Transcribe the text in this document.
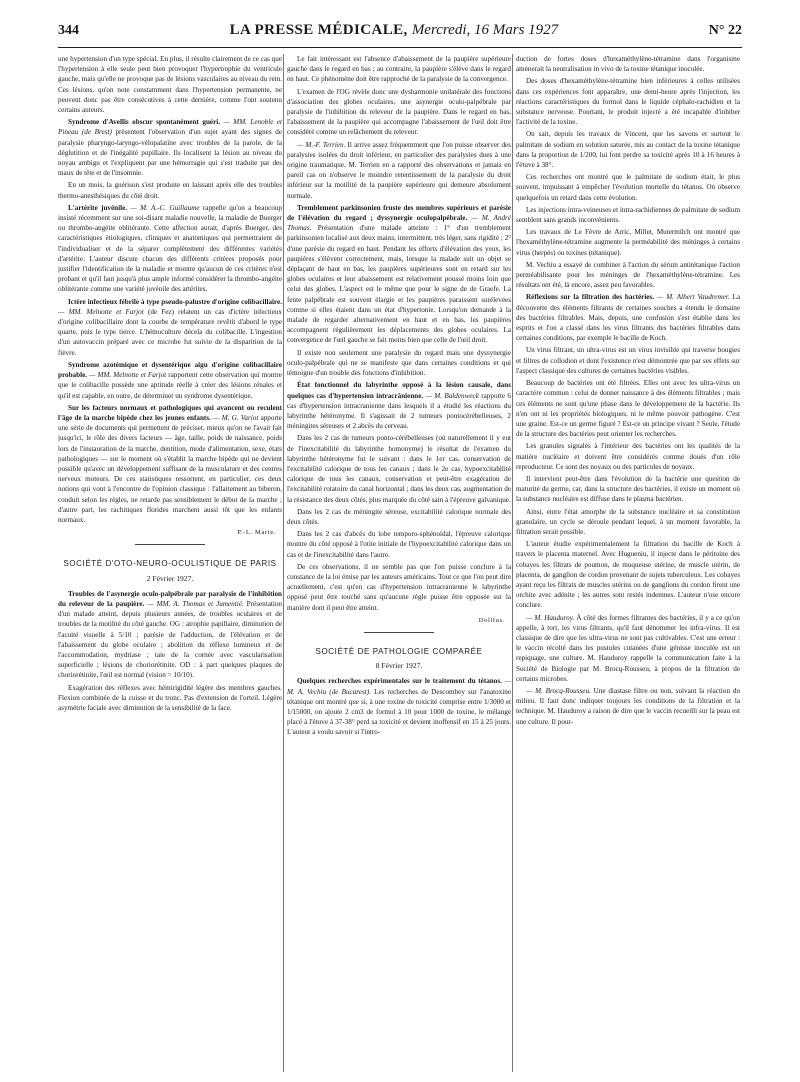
344	LA PRESSE MÉDICALE, Mercredi, 16 Mars 1927	N° 22

une hypertension d'un type spécial. En plus, il résulte clairement de ce cas que l'hypertension à elle seule peut bien provoquer l'hypertrophie du ventricule gauche, mais qu'elle ne provoque pas de lésions vasculaires au niveau du rein. Ces lésions, qu'on note constamment dans l'hypertension permanente, ne peuvent donc pas être consécutives à cette dernière, comme l'ont soutenu certains auteurs.

Syndrome d'Avellis obscur spontanément guéri. — MM. Lenoble et Pineau (de Brest) présentent l'observation d'un sujet ayant des signes de paralysie pharyngo-laryngo-vélopalatine avec troubles de la parole, de la déglutition et de l'inégalité pupillaire. Ils localisent la lésion au niveau du noyau ambigu et l'expliquent par une hémorragie qui s'est traduite par des maux de tête et de l'insomnie.

En un mois, la guérison s'est produite en laissant après elle des troubles thermo-anesthésiques du côté droit.

L'artérite juvénile. — M. A.-C. Guillaume rappelle qu'on a beaucoup insisté récemment sur une soi-disant maladie nouvelle, la maladie de Buerger ou thrombo-angéite oblitérante. Cette affection aurait, d'après Buerger, des caractéristiques étiologiques, cliniques et anatomiques qui permettraient de l'individualiser et de la séparer complètement des différentes variétés d'artérite. L'auteur discute chacun des différents critères proposés pour justifier l'identification de la maladie et montre qu'aucun de ces critères n'est probant et qu'il faut jusqu'à plus ample informé considérer la thrombo-angéite oblitérante comme une variété juvénile des artérites.

Ictère infectieux fébrile à type pseudo-palustre d'origine colibacillaire. — MM. Melnotte et Farjot (de Fez) relatent un cas d'ictère infectieux d'origine colibacillaire dont la courbe de température revêtit d'abord le type quarte, puis le type tierce. L'hémoculture décela du colibacille. L'ingestion d'un autovaccin préparé avec ce microbe fut suivie de la disparition de la fièvre.

Syndrome azotémique et dysentérique aigu d'origine colibacillaire probable. — MM. Melnotte et Farjot rapportent cette observation qui montre que le colibacille possède une aptitude réelle à créer des lésions rénales et qu'il est capable, en outre, de déterminer un syndrome dysentérique.

Sur les facteurs normaux et pathologiques qui avancent ou reculent l'âge de la marche bipède chez les jeunes enfants. — M. G. Variot apporte une série de documents qui permettent de préciser, mieux qu'on ne l'avait fait jusqu'ici, le rôle des divers facteurs — âge, taille, poids de naissance, poids lors de l'instauration de la marche, dentition, mode d'alimentation, sexe, états pathologiques — sur le moment où s'établit la marche bipède qui ne devient possible qu'avec un développement suffisant de la musculature et des centres nerveux moteurs. De ces statistiques ressortent, en particulier, ces deux notions qui vont à l'encontre de l'opinion classique : l'allaitement au biberon, conduit selon les règles, ne retarde pas sensiblement le début de la marche ; d'autre part, les rachitiques florides marchent aussi tôt que les enfants normaux.

P.-L. Marie.
SOCIÉTÉ D'OTO-NEURO-OCULISTIQUE DE PARIS
2 Février 1927.

Troubles de l'asynergie oculo-palpébrale par paralysie de l'inhibition du releveur de la paupière. — MM. A. Thomas et Jumentié. Présentation d'un malade atteint, depuis plusieurs années, de troubles oculaires et de troubles de la motilité du côté gauche. OG : atrophie papillaire, diminution de l'acuité visuelle à 5/10 ; parésie de l'adduction, de l'élévation et de l'abaissement du globe oculaire ; abolition du réflexe lumineux et de l'accommodation, mydriase ; taie de la cornée avec vascularisation superficielle ; lésions de choriorétinite. OD : à part quelques plaques de choriorétinite, l'œil est normal (vision = 10/10).

Exagération des réflexes avec hémirigidité légère des membres gauches. Flexion combinée de la cuisse et du tronc. Pas d'extension de l'orteil. Légère asymétrie faciale avec diminution de la sensibilité de la face.

Le fait intéressant est l'absence d'abaissement de la paupière supérieure gauche dans le regard en bas ; au contraire, la paupière s'élève dans le regard en haut. Ce phénomène doit être rapproché de la paralysie de la convergence.

L'examen de l'OG révèle donc une dysharmonie unilatérale des fonctions d'association des globes oculaires, une asynergie oculo-palpébrale par paralysie de l'inhibition du releveur de la paupière. Dans le regard en bas, l'abaissement de la paupière qui accompagne l'abaissement de l'œil doit être considéré comme un relâchement du releveur.

— M.-F. Terrien. Il arrive assez fréquemment que l'on puisse observer des paralysies isolées du droit inférieur, en particulier des paralysies dues à une origine traumatique. M. Terrien en a rapporté des observations et jamais en pareil cas on n'observe le moindre retentissement de la paralysie du droit inférieur sur la motilité de la paupière supérieure qui demeure absolument normale.

Tremblement parkinsonien fruste des membres supérieurs et parésie de l'élévation du regard ; dyssynergie oculopalpébrale. — M. André Thomas. Présentation d'une malade atteinte : 1° d'un tremblement parkinsonien localisé aux deux mains, intermittent, très léger, sans rigidité ; 2° d'une parésie du regard en haut. Pendant les efforts d'élévation des yeux, les paupières s'élèvent correctement, mais, lorsque la malade suit un objet se déplaçant de haut en bas, les paupières supérieures sont en retard sur les globes oculaires et leur abaissement est relativement poussé moins loin que celui des globes. L'aspect est le même que pour le signe de de Graefe. La fente palpébrale est souvent élargie et les paupières paraissent surélevées comme si elles étaient dans un état d'hypertonie. Lorsqu'on demande à la malade de regarder alternativement en haut et en bas, les paupières accompagnent régulièrement les déplacements des globes oculaires. La convergence de l'œil gauche se fait moins bien que celle de l'œil droit.

Il existe non seulement une paralysie du regard mais une dyssynergie oculo-palpébrale qui ne se manifeste que dans certaines conditions et qui témoigne d'un trouble des fonctions d'inhibition.

État fonctionnel du labyrinthe opposé à la lésion causale, dans quelques cas d'hypertension intracrânienne. — M. Baldenweck rapporte 6 cas d'hypertension intracranienne dans lesquels il a étudié les réactions du labyrinthe hétéronyme. Il s'agissait de 2 tumeurs pontocérébelleuses, 2 méningites séreuses et 2 abcès du cerveau.

Dans les 2 cas de tumeurs ponto-cérébelleuses (où naturellement il y eut de l'inexcitabilité du labyrinthe homonyme) le résultat de l'examen du labyrinthe hétéronyme fut le suivant : dans le 1er cas, conservation de l'excitabilité calorique de tous les canaux ; dans le 2e cas, hypoexcitabilité calorique de tous les canaux, conservation et peut-être exagération de l'excitabilité rotatoire du canal horizontal ; dans les deux cas, augmentation de la résistance des deux côtés, plus marquée du côté sain à l'épreuve galvanique.

Dans les 2 cas de méningite séreuse, excitabilité calorique normale des deux côtés.

Dans les 2 cas d'abcès du lobe temporo-sphénoïdal, l'épreuve calorique montre du côté opposé à l'otite initiale de l'hypoexcitabilité calorique dans un cas et de l'inexcitabilité dans l'autre.

De ces observations, il ne semble pas que l'on puisse conclure à la constance de la loi émise par les auteurs américains. Tout ce que l'on peut dire actuellement, c'est qu'en cas d'hypertension intracranienne le labyrinthe opposé peut être touché sans qu'aucune règle puisse être opposée sur la manière dont il peut être atteint.

Dollfus.
SOCIÉTÉ DE PATHOLOGIE COMPARÉE
8 Février 1927.

Quelques recherches expérimentales sur le traitement du tétanos. — M. A. Vechiu (de Bucarest). Les recherches de Descombey sur l'anatoxine tétanique ont montré que si, à une toxine de toxicité comprise entre 1/3000 et 1/15000, on ajoute 2 cm3 de formol à 10 pour 1000 de toxine, le mélange placé à l'étuve à 37-38° perd sa toxicité et devient inoffensif en 15 à 25 jours. L'auteur a voulu savoir si l'intro-

duction de fortes doses d'hexaméthylène-tétramine dans l'organisme amènerait la neutralisation in vivo de la toxine tétanique inoculée.

Des doses d'hexaméthylène-tétramine bien inférieures à celles utilisées dans ces expériences font apparaître, une demi-heure après l'injection, les réactions caractéristiques du formol dans le liquide céphalo-rachidien et la substance nerveuse. Pourtant, le produit injecté a été incapable d'inhiber l'activité de la toxine.

On sait, depuis les travaux de Vincent, que les savons et surtout le palmitate de sodium en solution saturée, mis au contact de la toxine tétanique dans la proportion de 1/200, lui font perdre sa toxicité après 10 à 16 heures à l'étuve à 38°.

Ces recherches ont montré que le palmitate de sodium était, le plus souvent, impuissant à empêcher l'évolution mortelle du tétanos. On observe quelquefois un retard dans cette évolution.

Les injections intra-veineuses et intra-rachidiennes de palmitate de sodium semblent sans grands inconvénients.

Les travaux de Le Fèvre de Arric, Millet, Mutermilch ont montré que l'hexaméthylène-tétramine augmente la perméabilité des méninges à certains virus (herpès) ou toxines (tétanique).

M. Vechiu a essayé de combiner à l'action du sérum antitétanique l'action perméabilisante pour les méninges de l'hexaméthylène-tétramine. Les résultats ont été, là encore, assez peu favorables.

Réflexions sur la filtration des bactéries. — M. Albert Vaudremer. La découverte des éléments filtrants de certaines souches a étendu le domaine des bactéries filtrables. Mais, depuis, une confusion s'est établie dans les esprits et l'on a classé dans les virus filtrants des bactéries filtrables dans certaines conditions, par exemple le bacille de Koch.

Un virus filtrant, un ultra-virus est un virus invisible qui traverse bougies et filtres de collodion et dont l'existence n'est démontrée que par ses effets sur l'aspect classique des cultures de certaines bactéries visibles.

Beaucoup de bactéries ont été filtrées. Elles ont avec les ultra-virus un caractère commun : celui de donner naissance à des éléments filtrables ; mais ces éléments ne sont qu'une phase dans le développement de la bactérie. Ils n'en ont ni les propriétés biologiques, ni le même pouvoir pathogène. C'est une graine. Est-ce un germe figuré ? Est-ce un principe vivant ? Seule, l'étude de la structure des bactéries peut orienter les recherches.

Les granules signalés à l'intérieur des bactéries ont les qualités de la matière nucléaire et doivent être considérés comme doués d'un rôle reproducteur. Ce sont des noyaux ou des particules de noyaux.

Il intervient peut-être dans l'évolution de la bactérie une question de maturité du germe, car, dans la structure des bactéries, il existe un moment où la substance nucléaire est diffuse dans le plasma bactérien.

Ainsi, entre l'état amorphe de la substance nucléaire et sa constitution granulaire, un cycle se déroule pendant lequel, à un moment favorable, la filtration serait possible.

L'auteur étudie expérimentalement la filtration du bacille de Koch à travers le placenta maternel. Avec Hugueniu, il injecte dans le péritoine des cobayes les filtrats de poumon, de muqueuse utérine, de muscle utérin, de placenta, de ganglion de cordon provenant de sujets tuberculeux. Les cobayes ayant reçu les filtrats de muscles utérins ou de ganglions du cordon firent une orchite avec adénite ; les autres sont restés indemnes. L'auteur n'ose encore conclure.

— M. Hauduroy. À côté des formes filtrantes des bactéries, il y a ce qu'on appelle, à tort, les virus filtrants, qu'il faut dénommer les infra-virus. Il est classique de dire que les ultra-virus ne sont pas cultivables. C'est une erreur : le vaccin récolté dans les pustules cutanées d'une génisse inoculée est un repiquage, une culture. M. Hauduroy rappelle la communication faite à la Société de Biologie par M. Brocq-Rousseu, à propos de la filtration de certains microbes.

— M. Brocq-Rousseu. Une diastase filtre ou non, suivant la réaction du milieu. Il faut donc indiquer toujours les conditions de la filtration et la technique. M. Hauduroy a raison de dire que le vaccin recueilli sur la peau est une culture. Il pour-
